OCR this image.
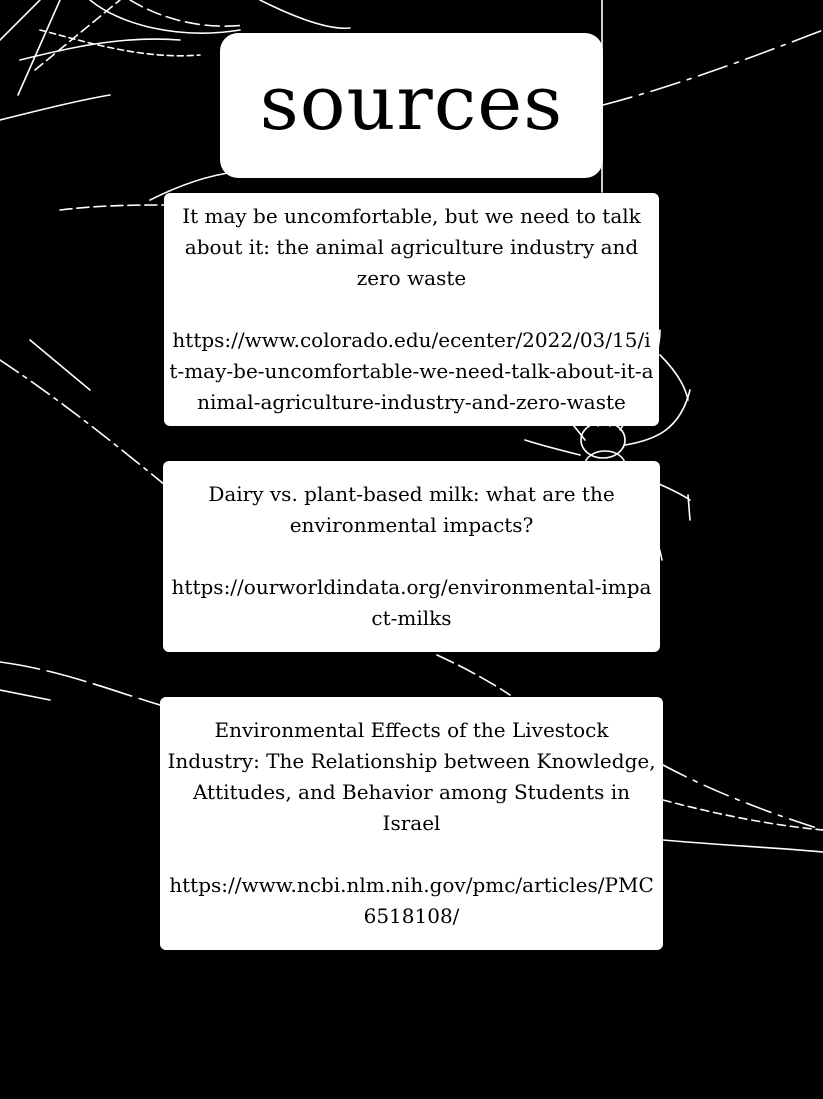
sources
It may be uncomfortable, but we need to talk about it: the animal agriculture industry and zero waste
https://www.colorado.edu/ecenter/2022/03/15/it-may-be-uncomfortable-we-need-talk-about-it-animal-agriculture-industry-and-zero-waste
Dairy vs. plant-based milk: what are the environmental impacts?
https://ourworldindata.org/environmental-impact-milks
Environmental Effects of the Livestock Industry: The Relationship between Knowledge, Attitudes, and Behavior among Students in Israel
https://www.ncbi.nlm.nih.gov/pmc/articles/PMC6518108/
